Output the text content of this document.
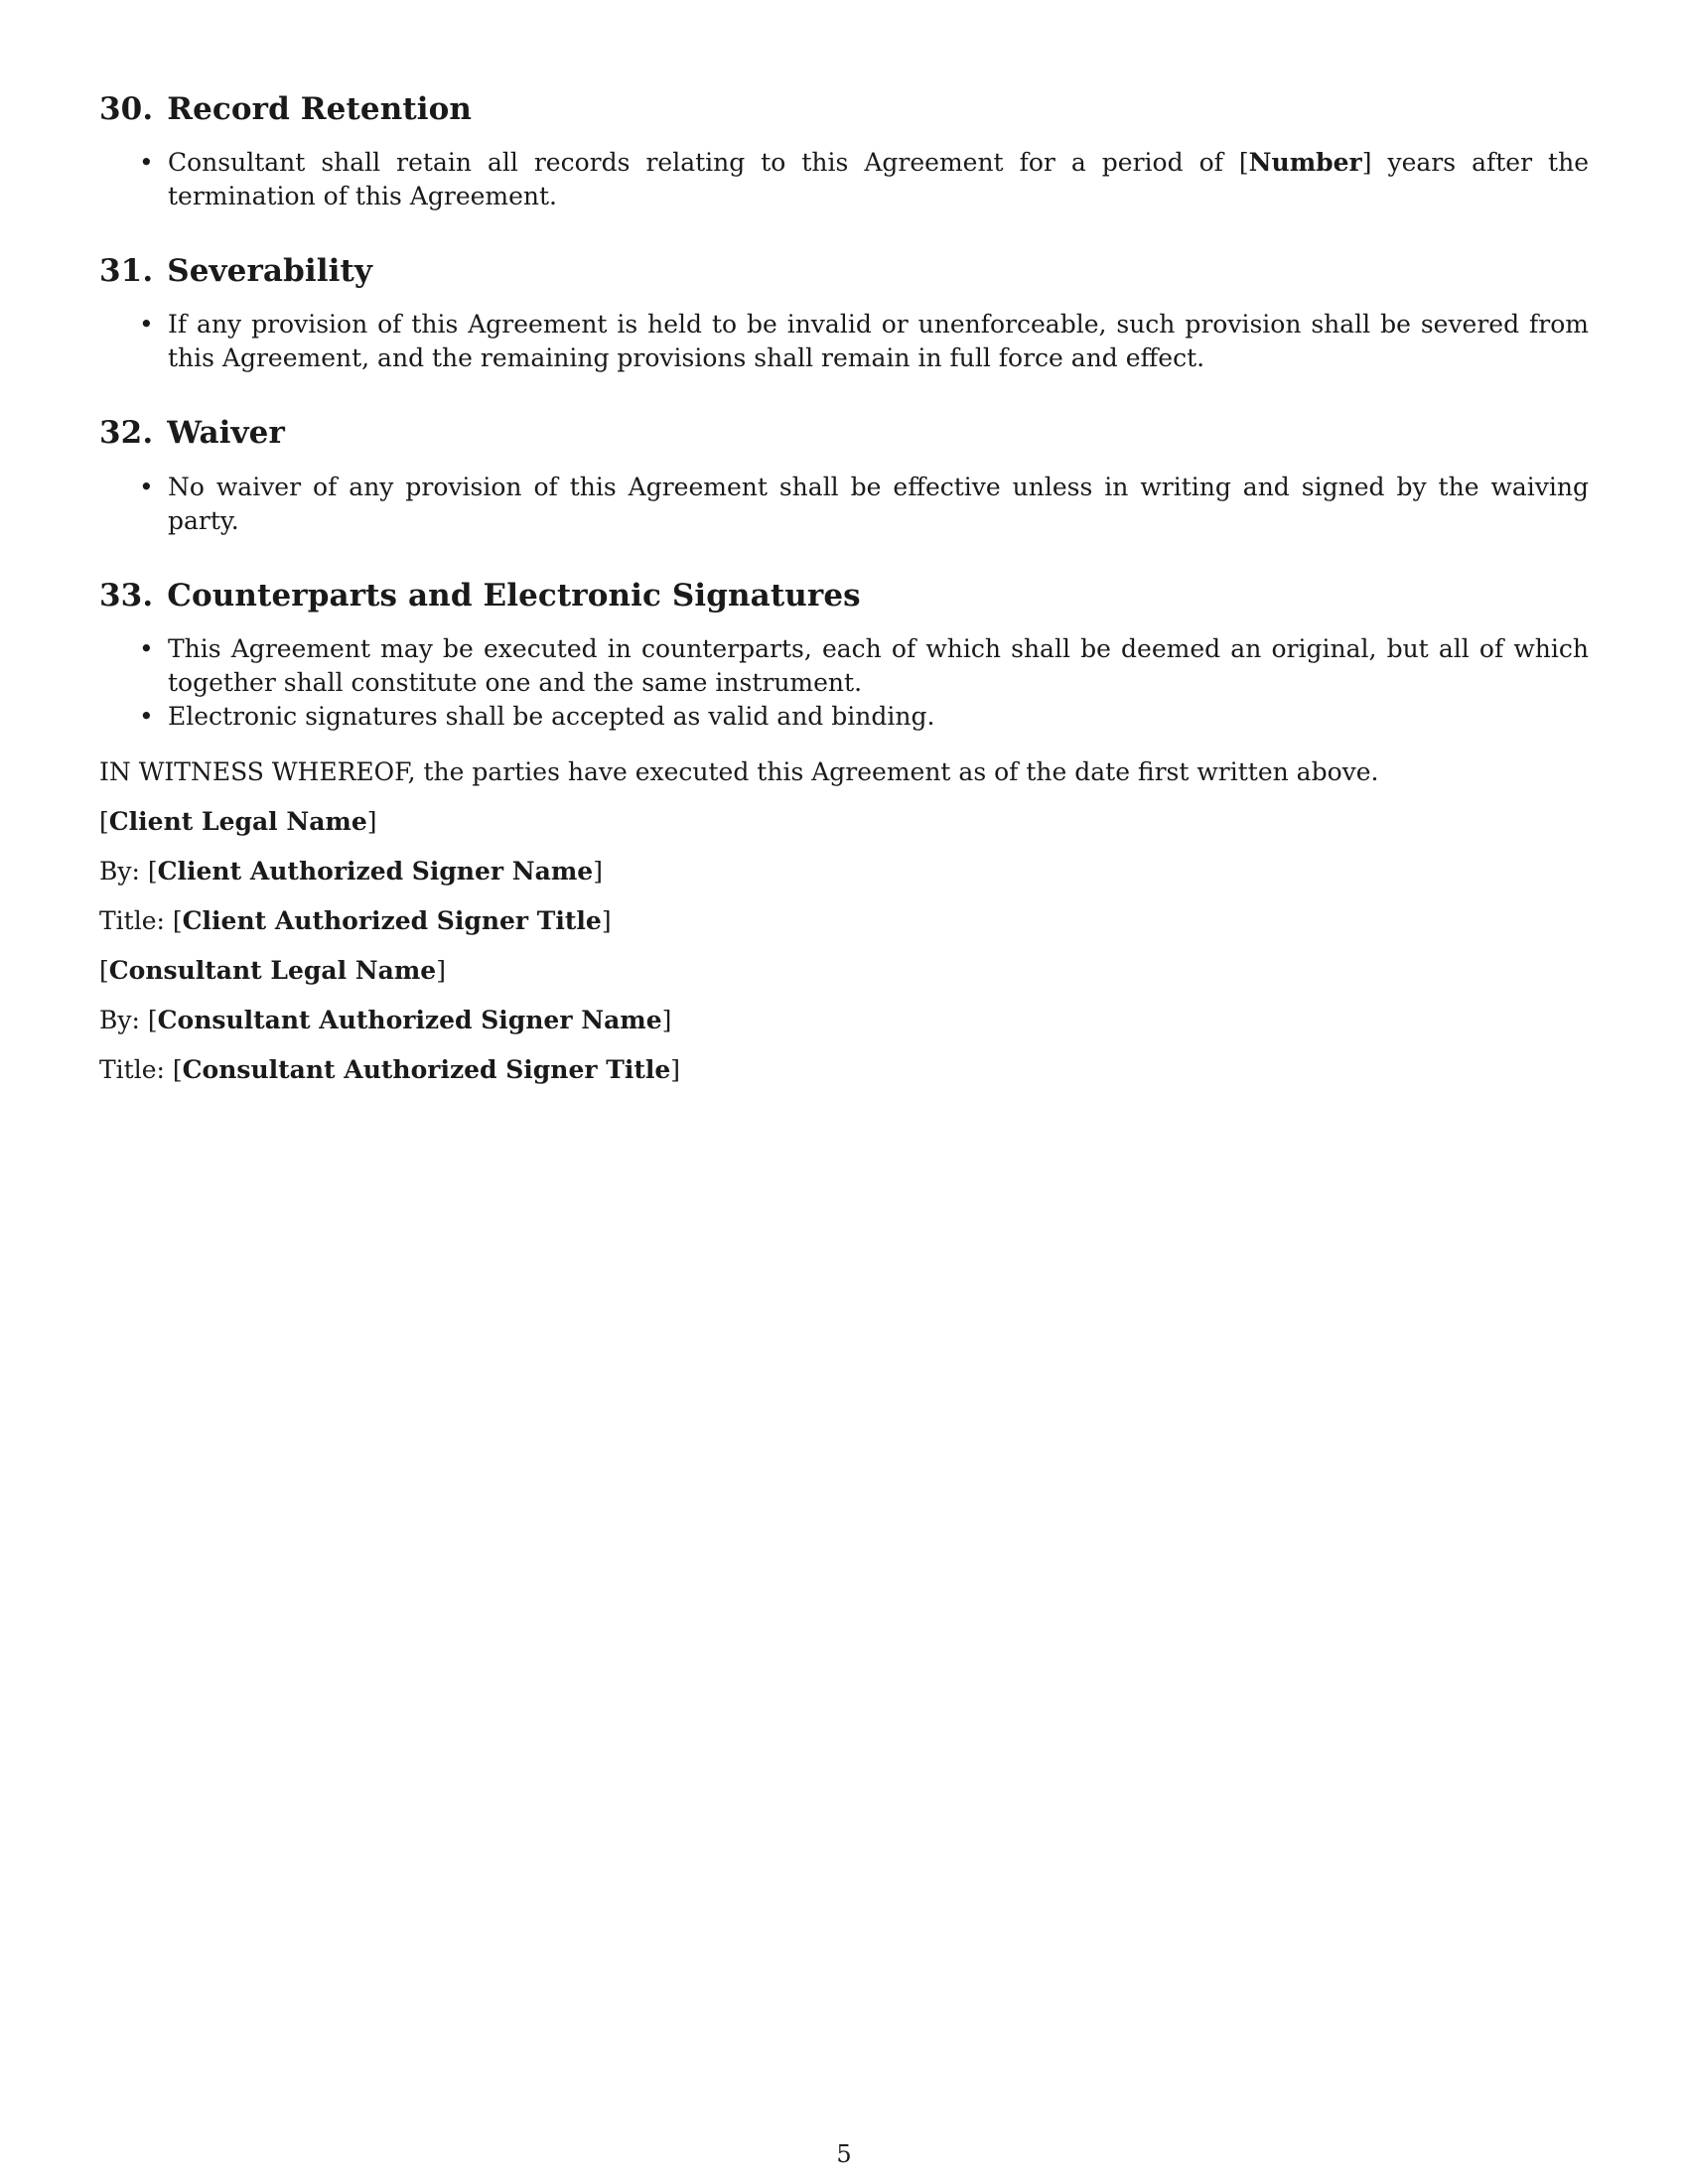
30. Record Retention
• Consultant shall retain all records relating to this Agreement for a period of [Number] years after the termination of this Agreement.
31. Severability
• If any provision of this Agreement is held to be invalid or unenforceable, such provision shall be severed from this Agreement, and the remaining provisions shall remain in full force and effect.
32. Waiver
• No waiver of any provision of this Agreement shall be effective unless in writing and signed by the waiving party.
33. Counterparts and Electronic Signatures
• This Agreement may be executed in counterparts, each of which shall be deemed an original, but all of which together shall constitute one and the same instrument.
• Electronic signatures shall be accepted as valid and binding.

IN WITNESS WHEREOF, the parties have executed this Agreement as of the date first written above.

[Client Legal Name]

By: [Client Authorized Signer Name]

Title: [Client Authorized Signer Title]

[Consultant Legal Name]

By: [Consultant Authorized Signer Name]

Title: [Consultant Authorized Signer Title]

5
